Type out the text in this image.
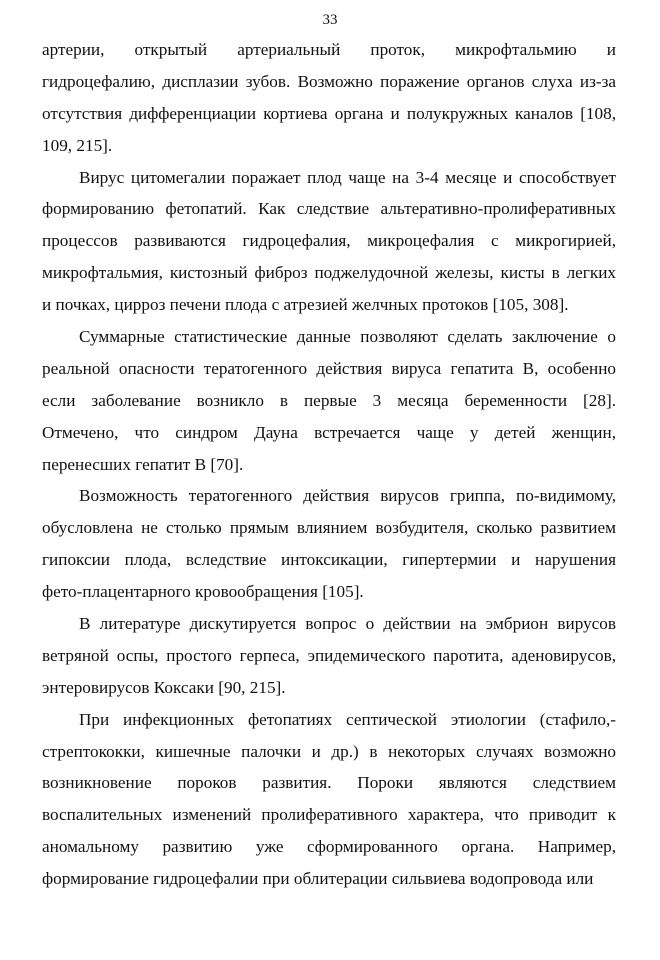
33
артерии, открытый артериальный проток, микрофтальмию и
гидроцефалию, дисплазии зубов. Возможно поражение органов слуха из-за
отсутствия дифференциации кортиева органа и полукружных каналов [108,
109, 215].
Вирус цитомегалии поражает плод чаще на 3-4 месяце и способствует
формированию фетопатий. Как следствие альтеративно-пролиферативных
процессов развиваются гидроцефалия, микроцефалия с микрогирией,
микрофтальмия, кистозный фиброз поджелудочной железы, кисты в легких
и почках, цирроз печени плода с атрезией желчных протоков [105, 308].
Суммарные статистические данные позволяют сделать заключение о
реальной опасности тератогенного действия вируса гепатита В, особенно
если заболевание возникло в первые 3 месяца беременности [28].
Отмечено, что синдром Дауна встречается чаще у детей женщин,
перенесших гепатит В [70].
Возможность тератогенного действия вирусов гриппа, по-видимому,
обусловлена не столько прямым влиянием возбудителя, сколько развитием
гипоксии плода, вследствие интоксикации, гипертермии и нарушения
фето-плацентарного кровообращения [105].
В литературе дискутируется вопрос о действии на эмбрион вирусов
ветряной оспы, простого герпеса, эпидемического паротита, аденовирусов,
энтеровирусов Коксаки [90, 215].
При инфекционных фетопатиях септической этиологии (стафило,-
стрептококки, кишечные палочки и др.) в некоторых случаях возможно
возникновение пороков развития. Пороки являются следствием
воспалительных изменений пролиферативного характера, что приводит к
аномальному развитию уже сформированного органа. Например,
формирование гидроцефалии при облитерации сильвиева водопровода или
